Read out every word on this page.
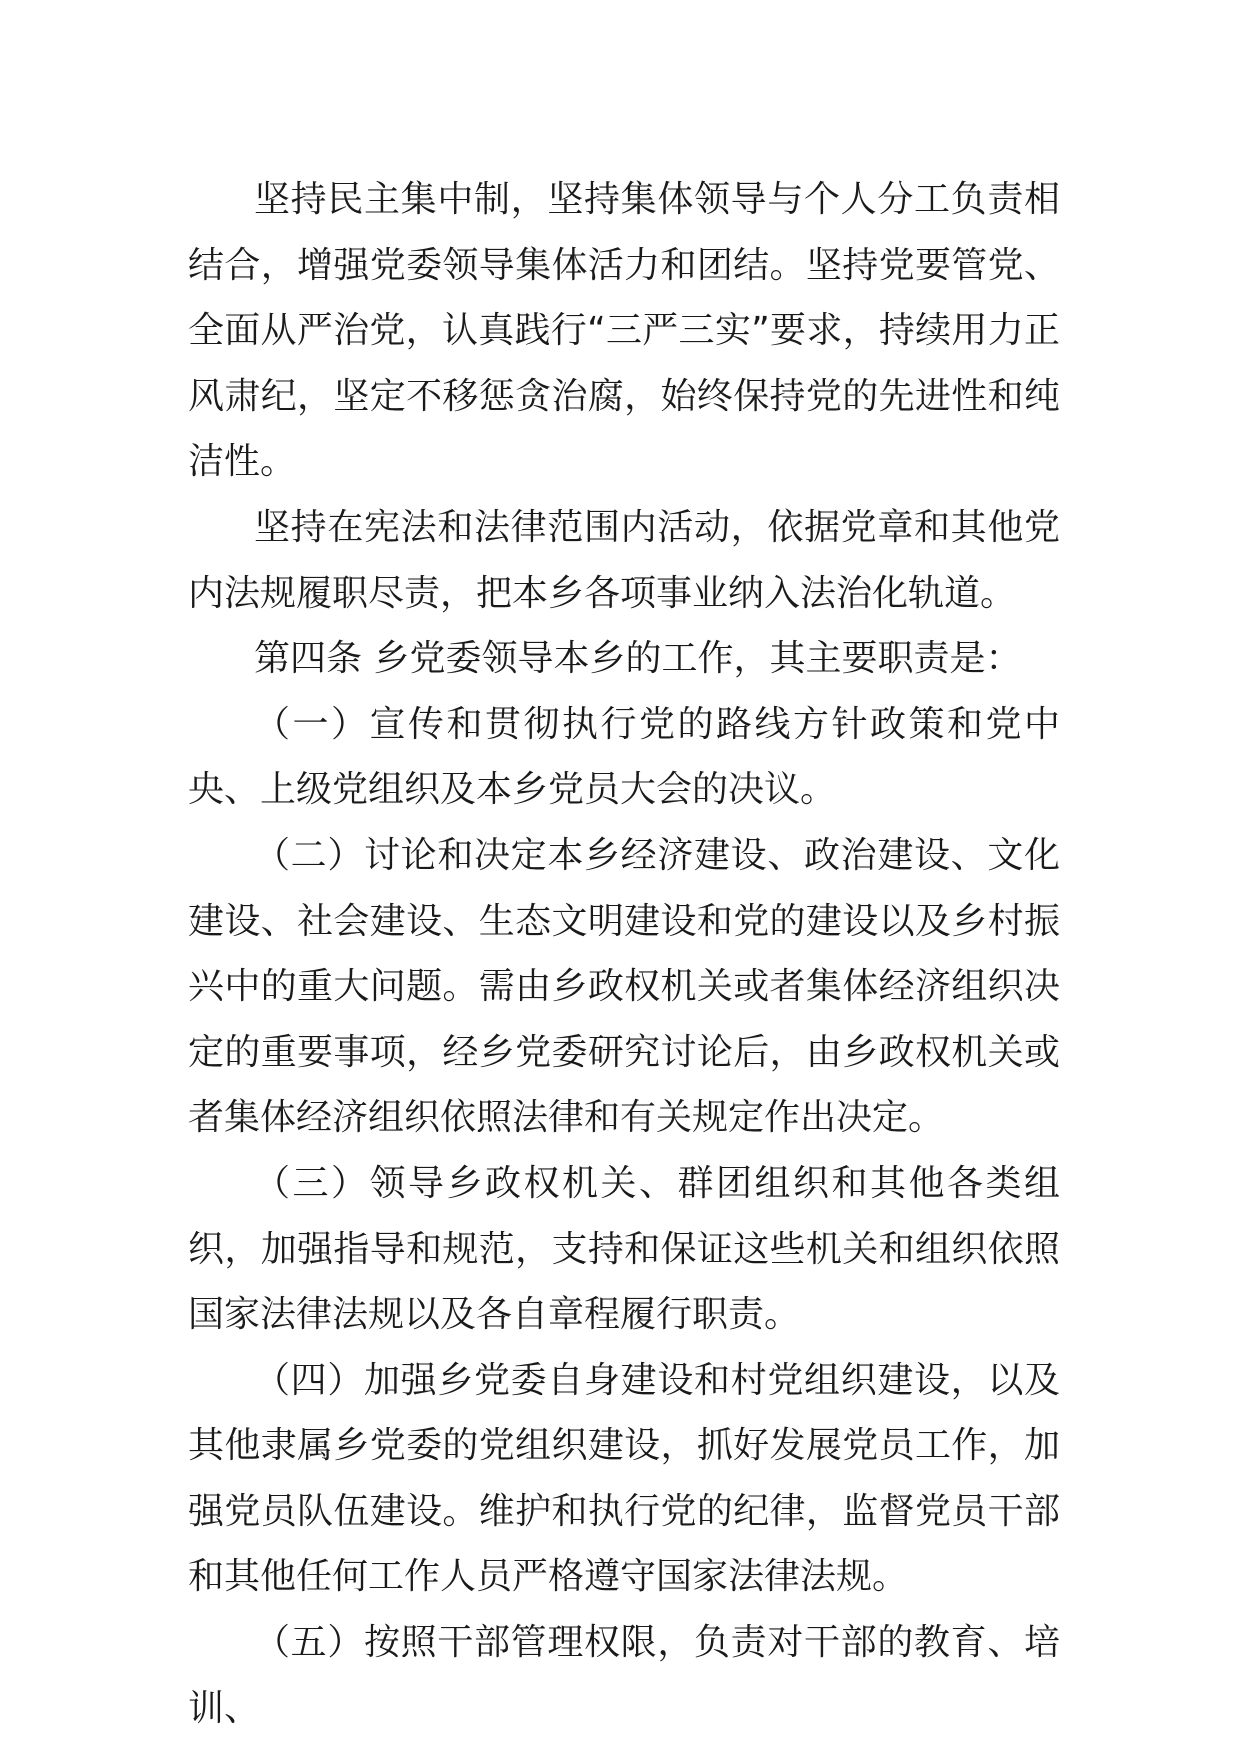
坚持民主集中制，坚持集体领导与个人分工负责相结合，增强党委领导集体活力和团结。坚持党要管党、全面从严治党，认真践行“三严三实”要求，持续用力正风肃纪，坚定不移惩贪治腐，始终保持党的先进性和纯洁性。

坚持在宪法和法律范围内活动，依据党章和其他党内法规履职尽责，把本乡各项事业纳入法治化轨道。

第四条 乡党委领导本乡的工作，其主要职责是：

（一）宣传和贯彻执行党的路线方针政策和党中央、上级党组织及本乡党员大会的决议。

（二）讨论和决定本乡经济建设、政治建设、文化建设、社会建设、生态文明建设和党的建设以及乡村振兴中的重大问题。需由乡政权机关或者集体经济组织决定的重要事项，经乡党委研究讨论后，由乡政权机关或者集体经济组织依照法律和有关规定作出决定。

（三）领导乡政权机关、群团组织和其他各类组织，加强指导和规范，支持和保证这些机关和组织依照国家法律法规以及各自章程履行职责。

（四）加强乡党委自身建设和村党组织建设，以及其他隶属乡党委的党组织建设，抓好发展党员工作，加强党员队伍建设。维护和执行党的纪律，监督党员干部和其他任何工作人员严格遵守国家法律法规。

（五）按照干部管理权限，负责对干部的教育、培训、
